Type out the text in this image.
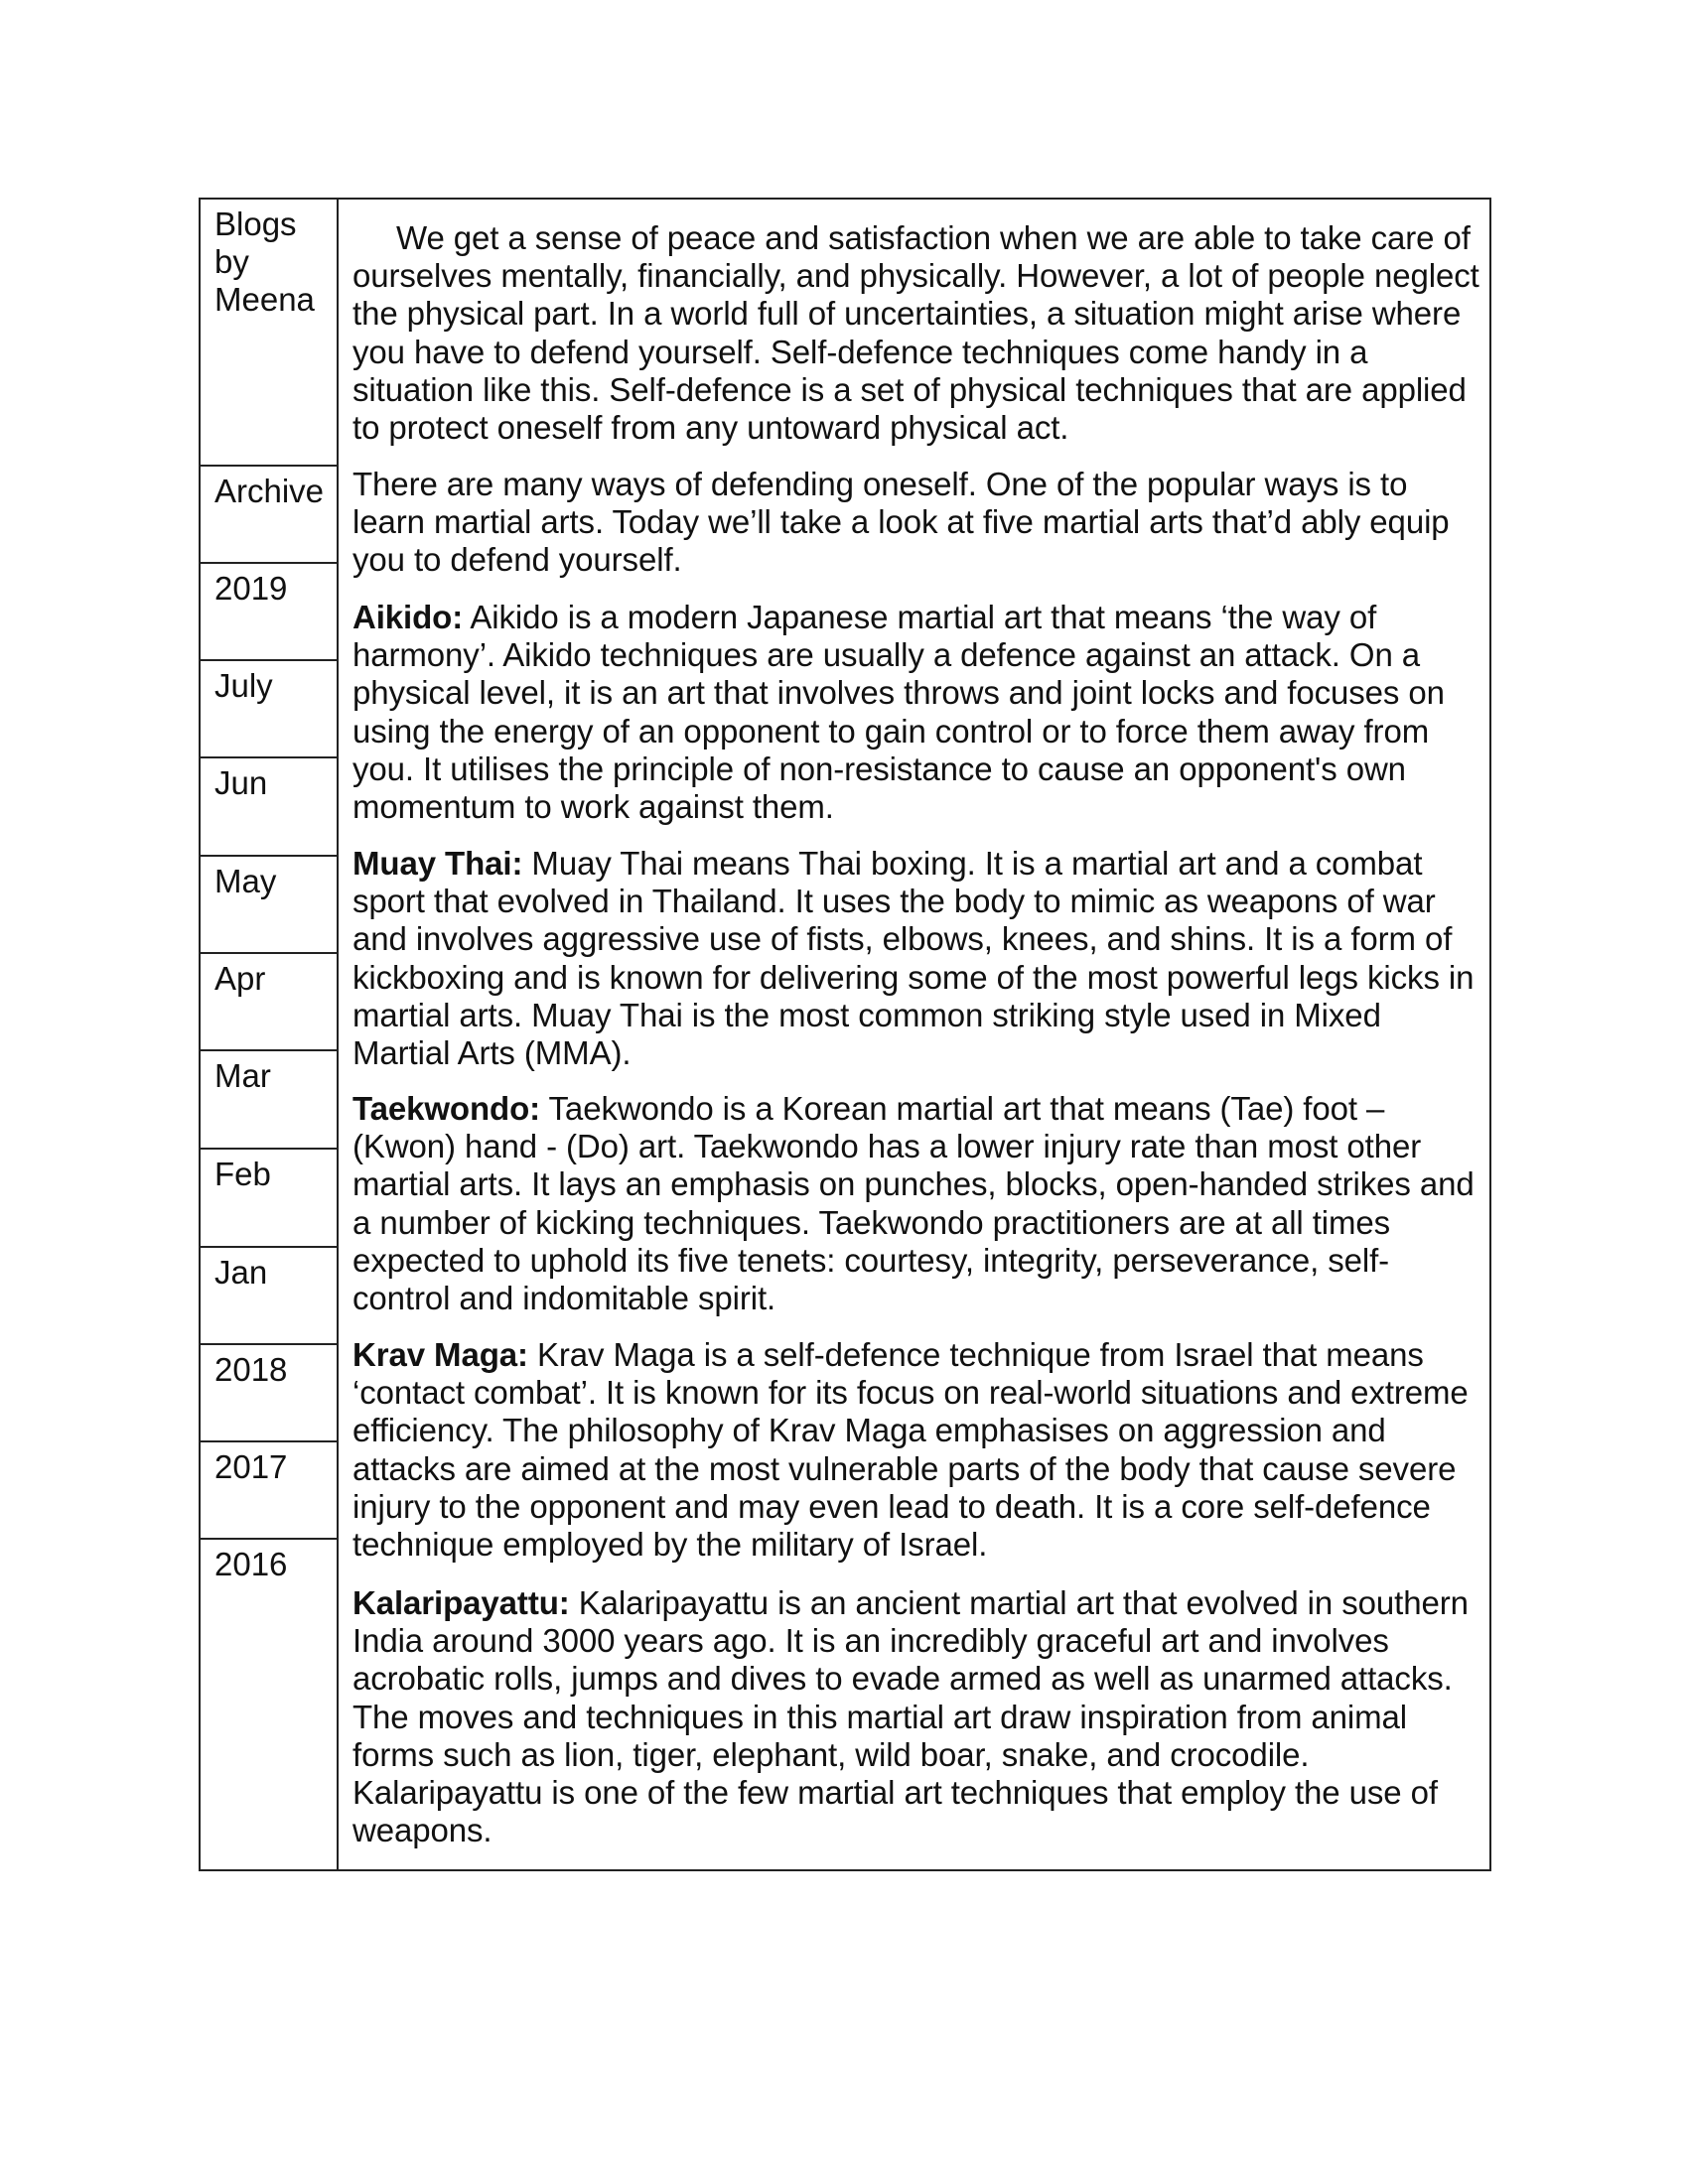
Blogs
by
Meena
Archive
2019
July
Jun
May
Apr
Mar
Feb
Jan
2018
2017
2016

We get a sense of peace and satisfaction when we are able to take care of ourselves mentally, financially, and physically. However, a lot of people neglect the physical part. In a world full of uncertainties, a situation might arise where you have to defend yourself. Self-defence techniques come handy in a situation like this. Self-defence is a set of physical techniques that are applied to protect oneself from any untoward physical act.

There are many ways of defending oneself. One of the popular ways is to learn martial arts. Today we’ll take a look at five martial arts that’d ably equip you to defend yourself.

Aikido: Aikido is a modern Japanese martial art that means ‘the way of harmony’. Aikido techniques are usually a defence against an attack. On a physical level, it is an art that involves throws and joint locks and focuses on using the energy of an opponent to gain control or to force them away from you. It utilises the principle of non-resistance to cause an opponent's own momentum to work against them.

Muay Thai: Muay Thai means Thai boxing. It is a martial art and a combat sport that evolved in Thailand. It uses the body to mimic as weapons of war and involves aggressive use of fists, elbows, knees, and shins. It is a form of kickboxing and is known for delivering some of the most powerful legs kicks in martial arts. Muay Thai is the most common striking style used in Mixed Martial Arts (MMA).

Taekwondo: Taekwondo is a Korean martial art that means (Tae) foot – (Kwon) hand - (Do) art. Taekwondo has a lower injury rate than most other martial arts. It lays an emphasis on punches, blocks, open-handed strikes and a number of kicking techniques. Taekwondo practitioners are at all times expected to uphold its five tenets: courtesy, integrity, perseverance, self-control and indomitable spirit.

Krav Maga: Krav Maga is a self-defence technique from Israel that means ‘contact combat’. It is known for its focus on real-world situations and extreme efficiency. The philosophy of Krav Maga emphasises on aggression and attacks are aimed at the most vulnerable parts of the body that cause severe injury to the opponent and may even lead to death. It is a core self-defence technique employed by the military of Israel.

Kalaripayattu: Kalaripayattu is an ancient martial art that evolved in southern India around 3000 years ago. It is an incredibly graceful art and involves acrobatic rolls, jumps and dives to evade armed as well as unarmed attacks. The moves and techniques in this martial art draw inspiration from animal forms such as lion, tiger, elephant, wild boar, snake, and crocodile. Kalaripayattu is one of the few martial art techniques that employ the use of weapons.
